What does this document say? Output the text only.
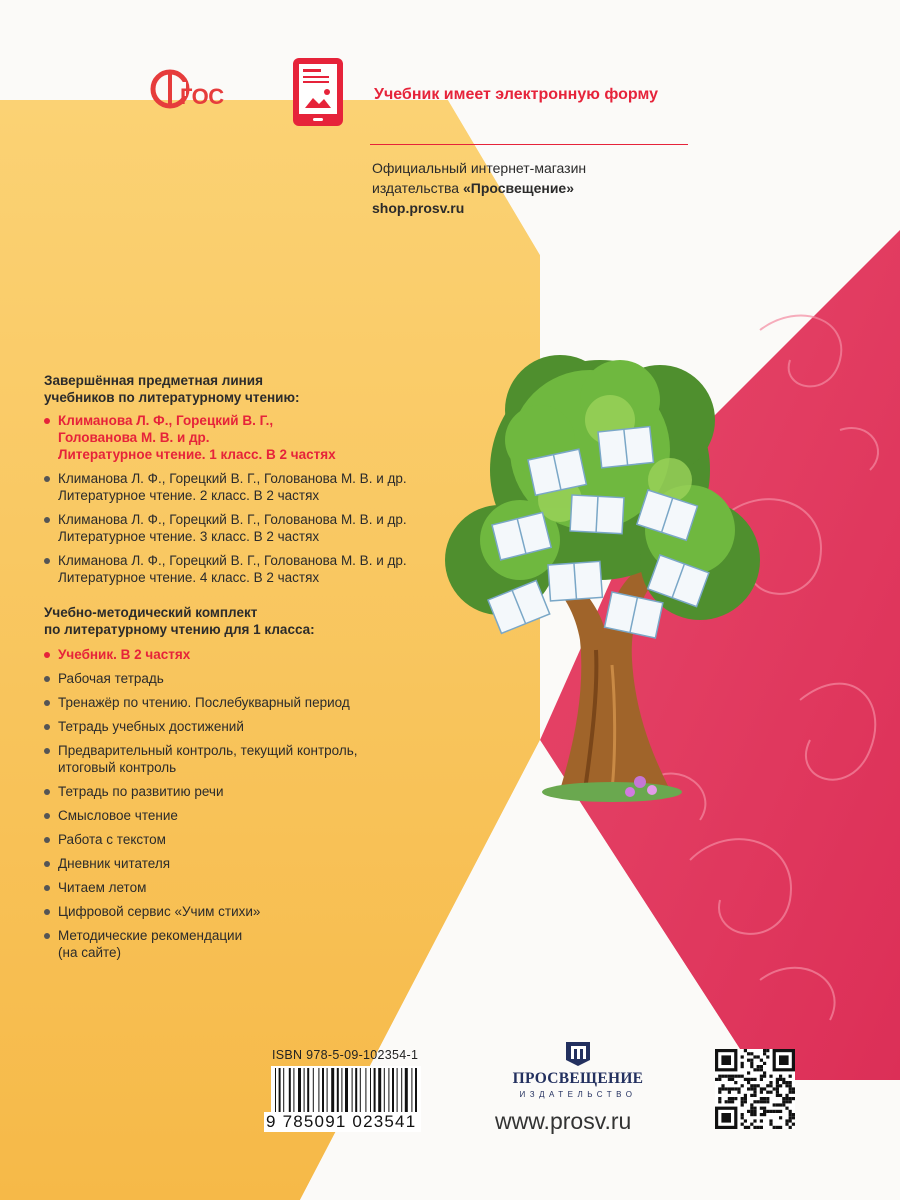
ГОС	Учебник имеет электронную форму
Официальный интернет-магазин
издательства «Просвещение»
shop.prosv.ru
Завершённая предметная линия
учебников по литературному чтению:
Климанова Л. Ф., Горецкий В. Г.,
Голованова М. В. и др.
Литературное чтение. 1 класс. В 2 частях
Климанова Л. Ф., Горецкий В. Г., Голованова М. В. и др.
Литературное чтение. 2 класс. В 2 частях
Климанова Л. Ф., Горецкий В. Г., Голованова М. В. и др.
Литературное чтение. 3 класс. В 2 частях
Климанова Л. Ф., Горецкий В. Г., Голованова М. В. и др.
Литературное чтение. 4 класс. В 2 частях
Учебно-методический комплект
по литературному чтению для 1 класса:
Учебник. В 2 частях
Рабочая тетрадь
Тренажёр по чтению. Послебукварный период
Тетрадь учебных достижений
Предварительный контроль, текущий контроль,
итоговый контроль
Тетрадь по развитию речи
Смысловое чтение
Работа с текстом
Дневник читателя
Читаем летом
Цифровой сервис «Учим стихи»
Методические рекомендации
(на сайте)
ISBN 978-5-09-102354-1
9 785091 023541
ПРОСВЕЩЕНИЕ
ИЗДАТЕЛЬСТВО
www.prosv.ru
